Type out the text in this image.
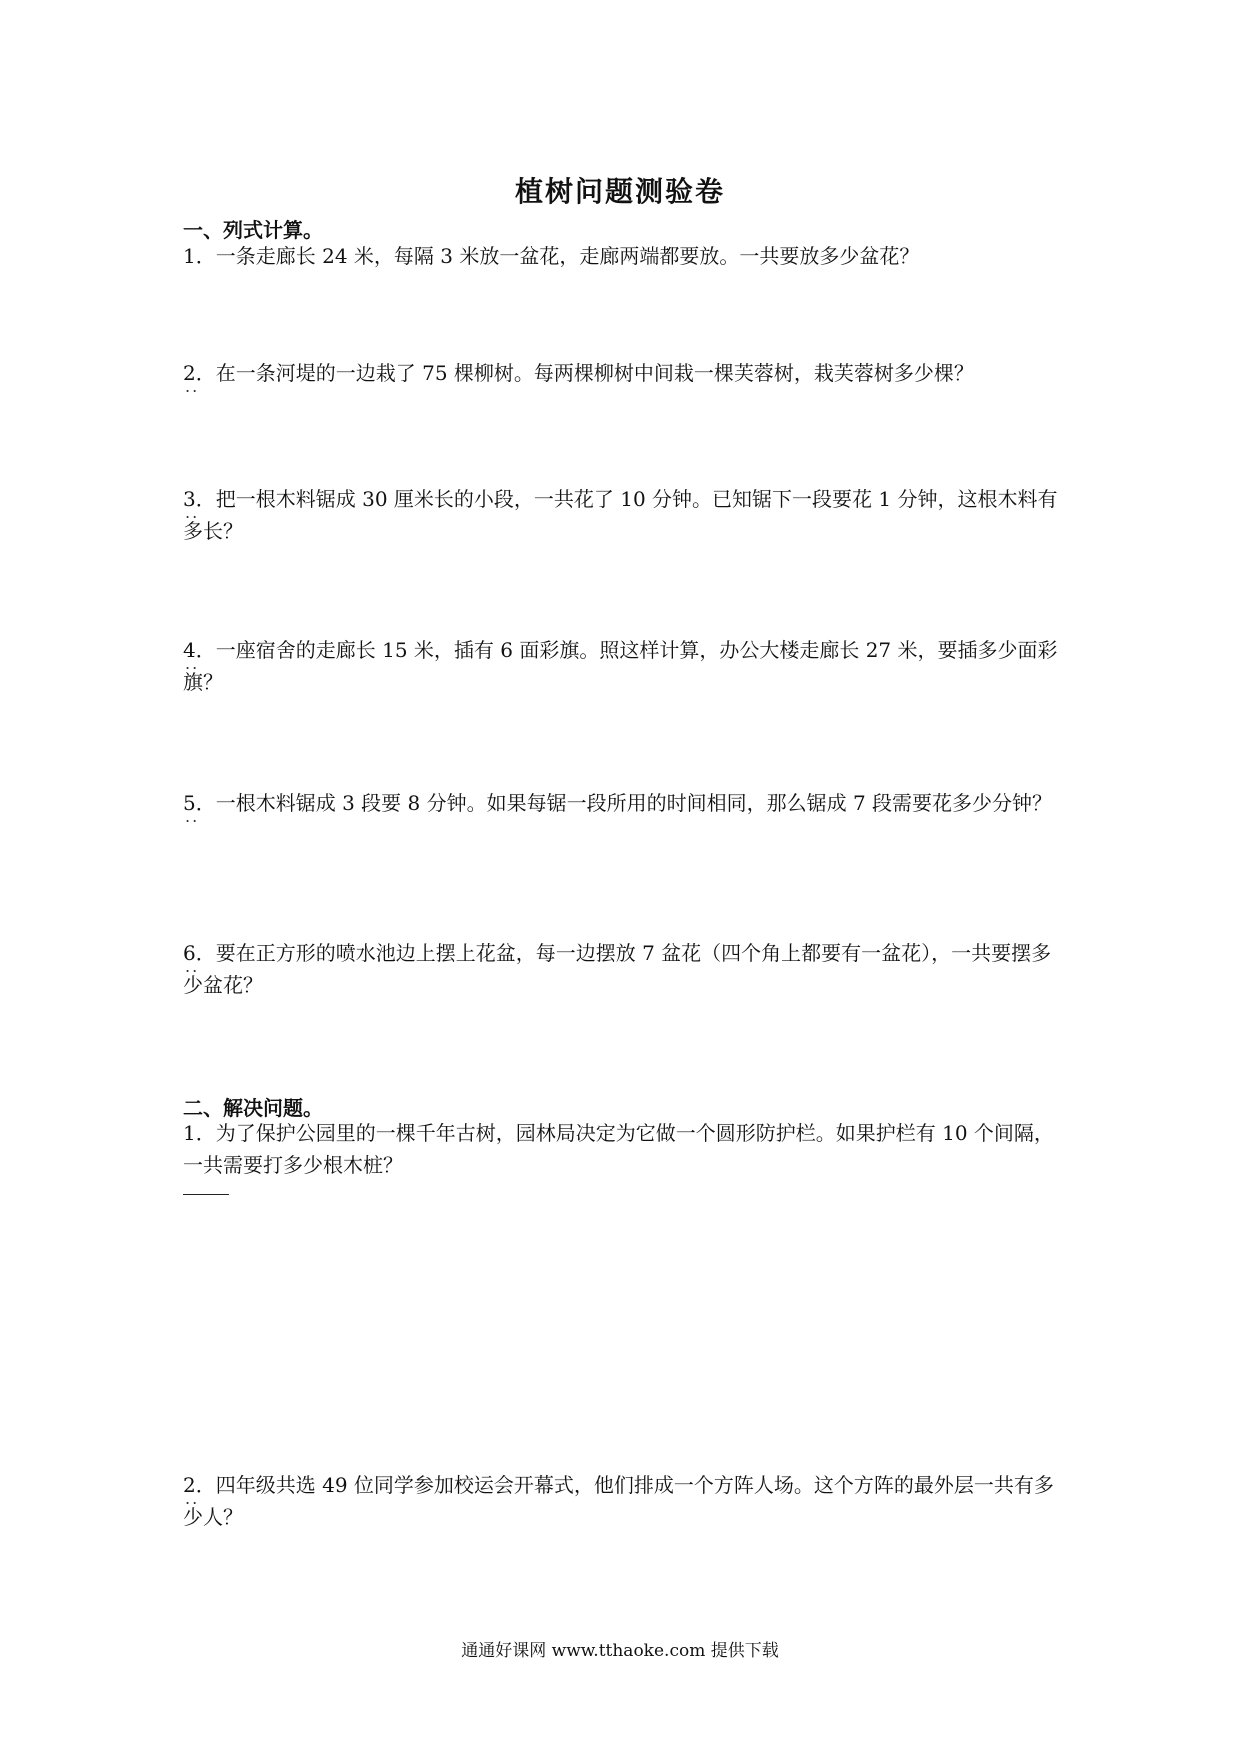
植树问题测验卷
一、列式计算。
1．一条走廊长 24 米，每隔 3 米放一盆花，走廊两端都要放。一共要放多少盆花？
2． ..在一条河堤的一边栽了 75 棵柳树。每两棵柳树中间栽一棵芙蓉树，栽芙蓉树多少棵？
3． ..把一根木料锯成 30 厘米长的小段，一共花了 10 分钟。已知锯下一段要花 1 分钟，这根木料有多长？
4． ..一座宿舍的走廊长 15 米，插有 6 面彩旗。照这样计算，办公大楼走廊长 27 米，要插多少面彩旗？
5． ..一根木料锯成 3 段要 8 分钟。如果每锯一段所用的时间相同，那么锯成 7 段需要花多少分钟？
6． ..要在正方形的喷水池边上摆上花盆，每一边摆放 7 盆花（四个角上都要有一盆花），一共要摆多少盆花？
二、解决问题。
1．为了保护公园里的一棵千年古树，园林局决定为它做一个圆形防护栏。如果护栏有 10 个间隔，一共需要打多少根木桩？
2． ..四年级共选 49 位同学参加校运会开幕式，他们排成一个方阵人场。这个方阵的最外层一共有多少人？
通通好课网 www.tthaoke.com 提供下载
